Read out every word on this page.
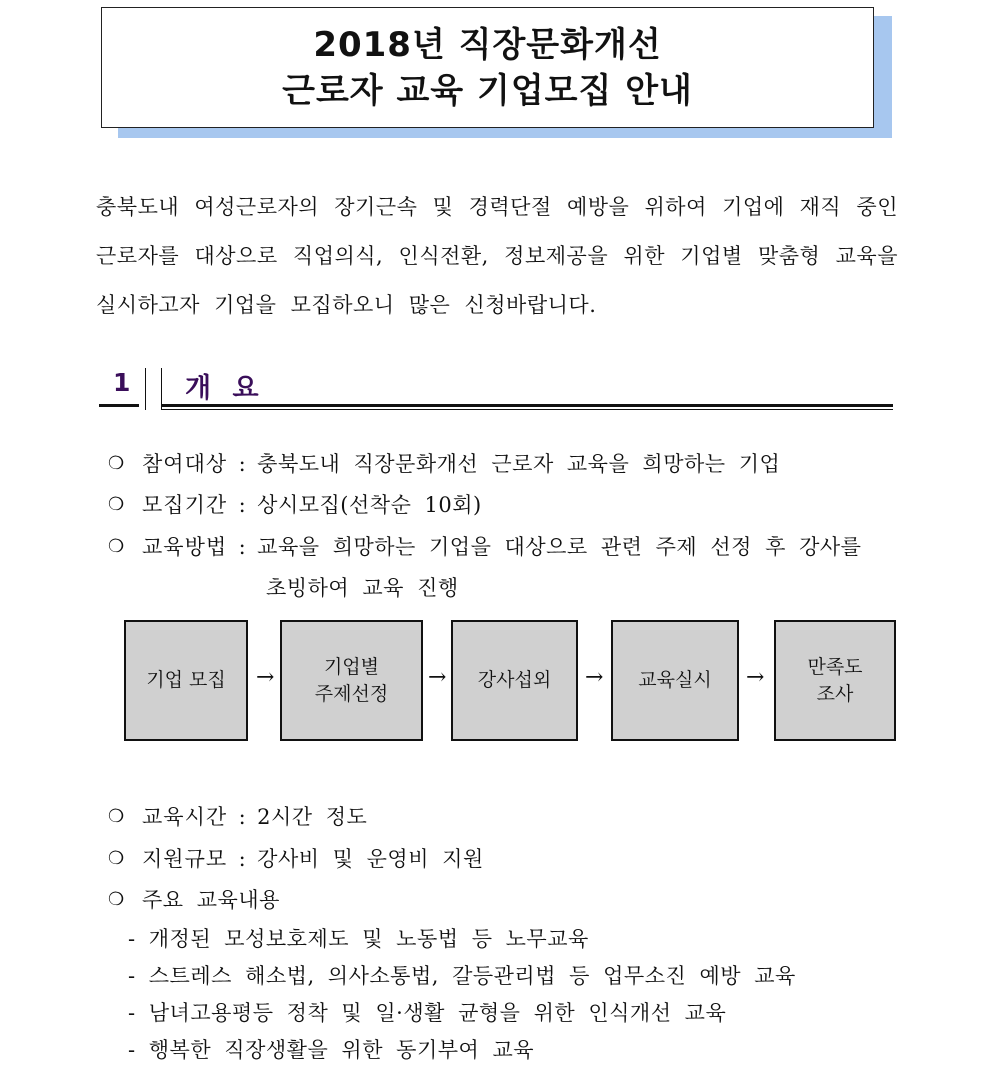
2018년 직장문화개선
근로자 교육 기업모집 안내

충북도내 여성근로자의 장기근속 및 경력단절 예방을 위하여 기업에 재직 중인 근로자를 대상으로 직업의식, 인식전환, 정보제공을 위한 기업별 맞춤형 교육을 실시하고자 기업을 모집하오니 많은 신청바랍니다.

1 개 요
❍ 참여대상 : 충북도내 직장문화개선 근로자 교육을 희망하는 기업
❍ 모집기간 : 상시모집(선착순 10회)
❍ 교육방법 : 교육을 희망하는 기업을 대상으로 관련 주제 선정 후 강사를
초빙하여 교육 진행
기업 모집 →	기업별
주제선정
→ 강사섭외 → 교육실시 → 만족도
조사
❍ 교육시간 : 2시간 정도
❍ 지원규모 : 강사비 및 운영비 지원
❍ 주요 교육내용
- 개정된 모성보호제도 및 노동법 등 노무교육
- 스트레스 해소법, 의사소통법, 갈등관리법 등 업무소진 예방 교육
- 남녀고용평등 정착 및 일·생활 균형을 위한 인식개선 교육
- 행복한 직장생활을 위한 동기부여 교육
